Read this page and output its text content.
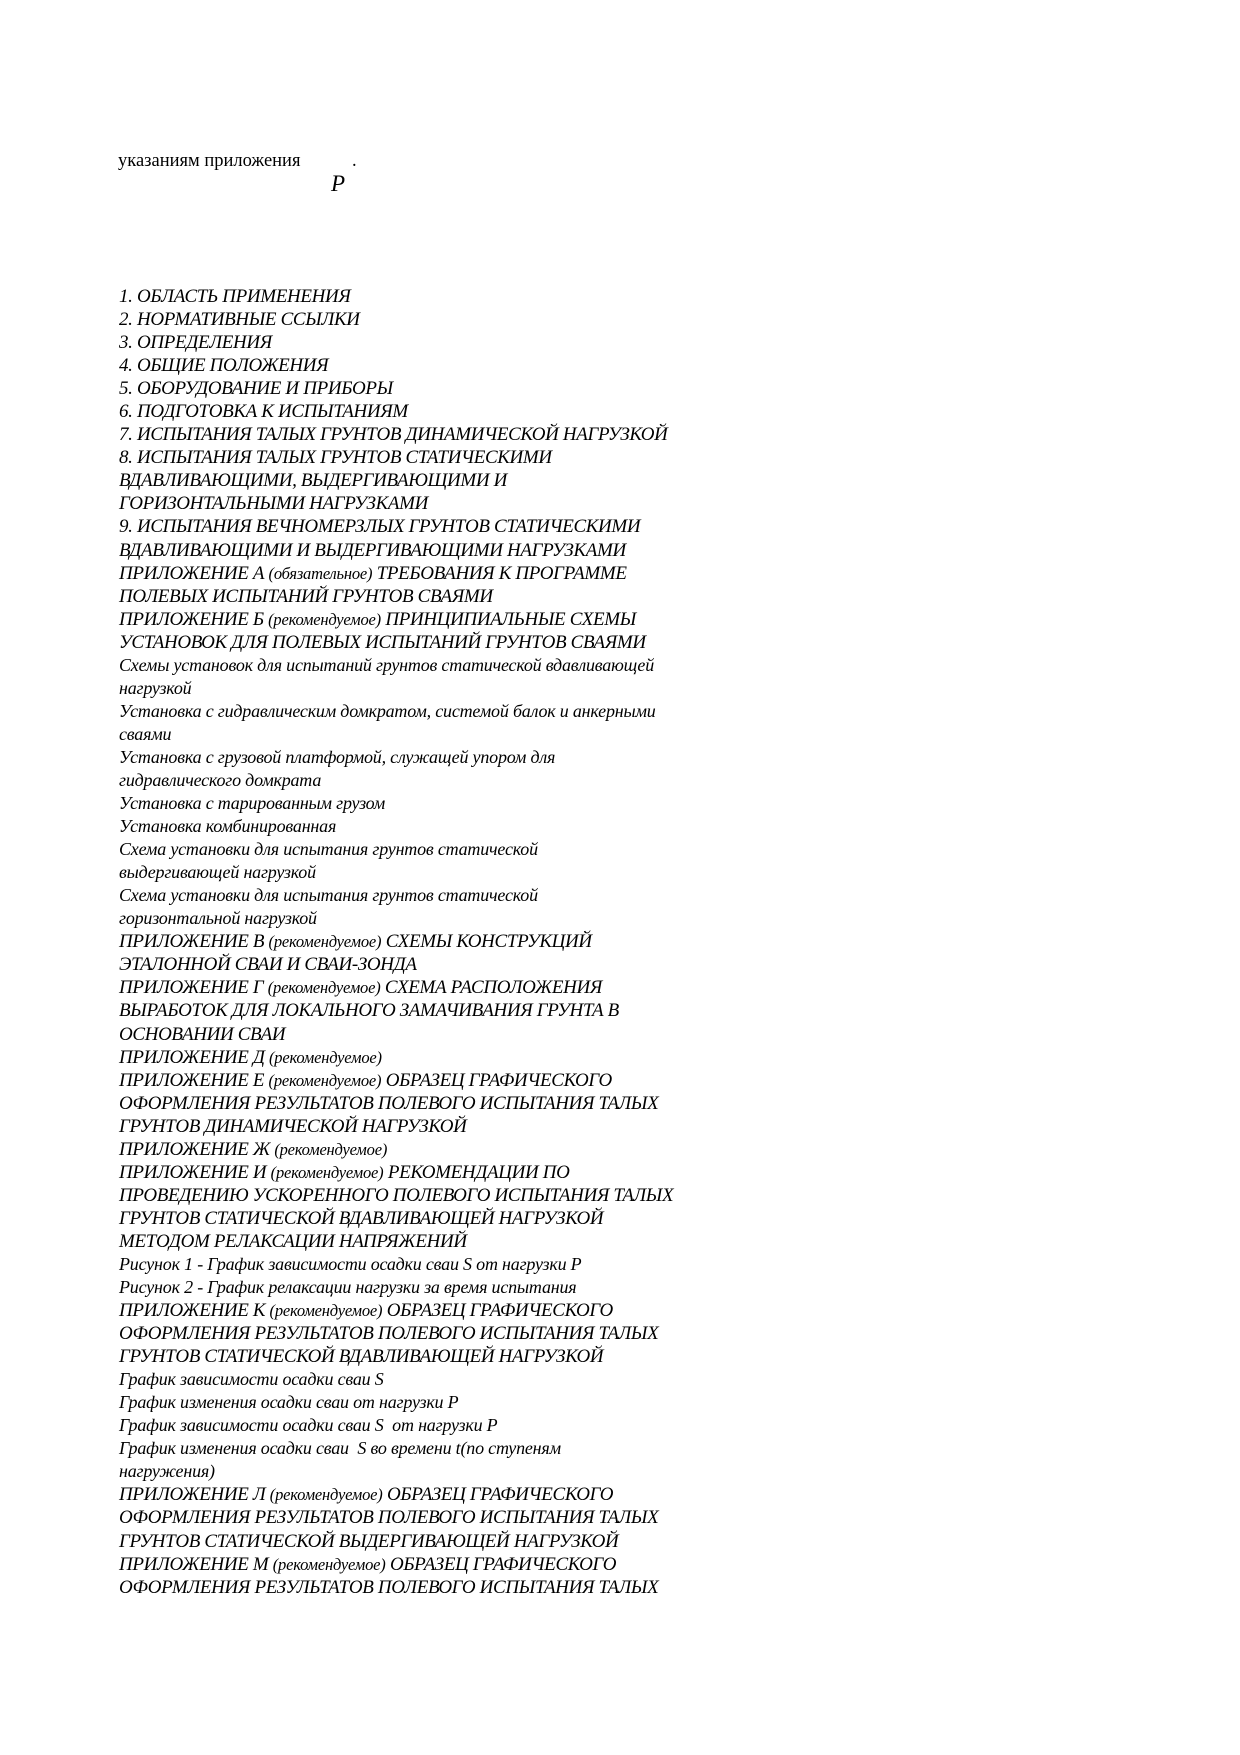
указаниям приложения
P
.
1. ОБЛАСТЬ ПРИМЕНЕНИЯ
2. НОРМАТИВНЫЕ ССЫЛКИ
3. ОПРЕДЕЛЕНИЯ
4. ОБЩИЕ ПОЛОЖЕНИЯ
5. ОБОРУДОВАНИЕ И ПРИБОРЫ
6. ПОДГОТОВКА К ИСПЫТАНИЯМ
7. ИСПЫТАНИЯ ТАЛЫХ ГРУНТОВ ДИНАМИЧЕСКОЙ НАГРУЗКОЙ
8. ИСПЫТАНИЯ ТАЛЫХ ГРУНТОВ СТАТИЧЕСКИМИ
ВДАВЛИВАЮЩИМИ, ВЫДЕРГИВАЮЩИМИ И
ГОРИЗОНТАЛЬНЫМИ НАГРУЗКАМИ
9. ИСПЫТАНИЯ ВЕЧНОМЕРЗЛЫХ ГРУНТОВ СТАТИЧЕСКИМИ
ВДАВЛИВАЮЩИМИ И ВЫДЕРГИВАЮЩИМИ НАГРУЗКАМИ
ПРИЛОЖЕНИЕ А (обязательное) ТРЕБОВАНИЯ К ПРОГРАММЕ
ПОЛЕВЫХ ИСПЫТАНИЙ ГРУНТОВ СВАЯМИ
ПРИЛОЖЕНИЕ Б (рекомендуемое) ПРИНЦИПИАЛЬНЫЕ СХЕМЫ
УСТАНОВОК ДЛЯ ПОЛЕВЫХ ИСПЫТАНИЙ ГРУНТОВ СВАЯМИ
Схемы установок для испытаний грунтов статической вдавливающей
нагрузкой
Установка с гидравлическим домкратом, системой балок и анкерными
сваями
Установка с грузовой платформой, служащей упором для
гидравлического домкрата
Установка с тарированным грузом
Установка комбинированная
Схема установки для испытания грунтов статической
выдергивающей нагрузкой
Схема установки для испытания грунтов статической
горизонтальной нагрузкой
ПРИЛОЖЕНИЕ В (рекомендуемое) СХЕМЫ КОНСТРУКЦИЙ
ЭТАЛОННОЙ СВАИ И СВАИ-ЗОНДА
ПРИЛОЖЕНИЕ Г (рекомендуемое) СХЕМА РАСПОЛОЖЕНИЯ
ВЫРАБОТОК ДЛЯ ЛОКАЛЬНОГО ЗАМАЧИВАНИЯ ГРУНТА В
ОСНОВАНИИ СВАИ
ПРИЛОЖЕНИЕ Д (рекомендуемое)
ПРИЛОЖЕНИЕ Е (рекомендуемое) ОБРАЗЕЦ ГРАФИЧЕСКОГО
ОФОРМЛЕНИЯ РЕЗУЛЬТАТОВ ПОЛЕВОГО ИСПЫТАНИЯ ТАЛЫХ
ГРУНТОВ ДИНАМИЧЕСКОЙ НАГРУЗКОЙ
ПРИЛОЖЕНИЕ Ж (рекомендуемое)
ПРИЛОЖЕНИЕ И (рекомендуемое) РЕКОМЕНДАЦИИ ПО
ПРОВЕДЕНИЮ УСКОРЕННОГО ПОЛЕВОГО ИСПЫТАНИЯ ТАЛЫХ
ГРУНТОВ СТАТИЧЕСКОЙ ВДАВЛИВАЮЩЕЙ НАГРУЗКОЙ
МЕТОДОМ РЕЛАКСАЦИИ НАПРЯЖЕНИЙ
Рисунок 1 - График зависимости осадки сваи S от нагрузки P
Рисунок 2 - График релаксации нагрузки за время испытания
ПРИЛОЖЕНИЕ К (рекомендуемое) ОБРАЗЕЦ ГРАФИЧЕСКОГО
ОФОРМЛЕНИЯ РЕЗУЛЬТАТОВ ПОЛЕВОГО ИСПЫТАНИЯ ТАЛЫХ
ГРУНТОВ СТАТИЧЕСКОЙ ВДАВЛИВАЮЩЕЙ НАГРУЗКОЙ
График зависимости осадки сваи S
График изменения осадки сваи от нагрузки P
График зависимости осадки сваи S  от нагрузки P
График изменения осадки сваи  S во времени t(по ступеням
нагружения)
ПРИЛОЖЕНИЕ Л (рекомендуемое) ОБРАЗЕЦ ГРАФИЧЕСКОГО
ОФОРМЛЕНИЯ РЕЗУЛЬТАТОВ ПОЛЕВОГО ИСПЫТАНИЯ ТАЛЫХ
ГРУНТОВ СТАТИЧЕСКОЙ ВЫДЕРГИВАЮЩЕЙ НАГРУЗКОЙ
ПРИЛОЖЕНИЕ М (рекомендуемое) ОБРАЗЕЦ ГРАФИЧЕСКОГО
ОФОРМЛЕНИЯ РЕЗУЛЬТАТОВ ПОЛЕВОГО ИСПЫТАНИЯ ТАЛЫХ
